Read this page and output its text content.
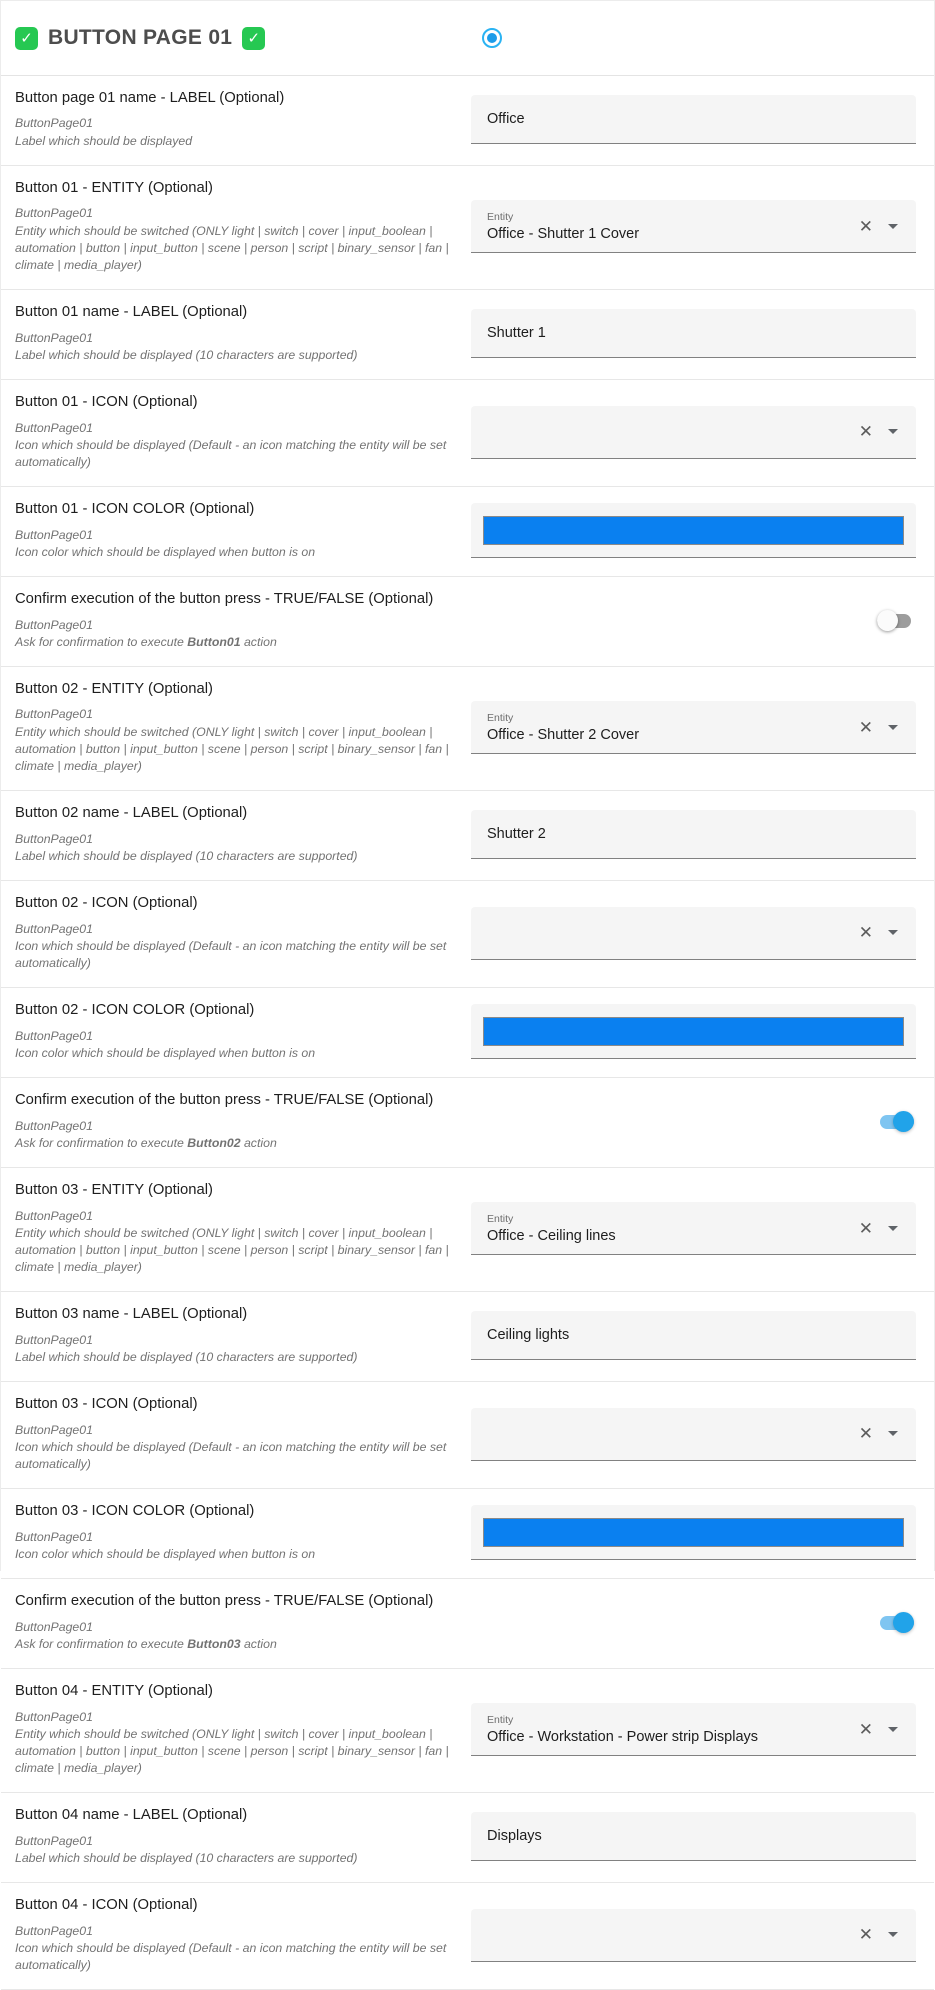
✓ BUTTON PAGE 01	✓
Button page 01 name - LABEL (Optional)
ButtonPage01
Label which should be displayed
Office
Button 01 - ENTITY (Optional)
ButtonPage01
Entity which should be switched (ONLY light | switch | cover | input_boolean | automation | button | input_button | scene | person | script | binary_sensor | fan | climate | media_player)
Entity
Office - Shutter 1 Cover	✕
Button 01 name - LABEL (Optional)
ButtonPage01
Label which should be displayed (10 characters are supported)
Shutter 1
Button 01 - ICON (Optional)
ButtonPage01
Icon which should be displayed (Default - an icon matching the entity will be set automatically)
✕
Button 01 - ICON COLOR (Optional)
ButtonPage01
Icon color which should be displayed when button is on
Confirm execution of the button press - TRUE/FALSE (Optional)
ButtonPage01
Ask for confirmation to execute Button01 action
Button 02 - ENTITY (Optional)
ButtonPage01
Entity which should be switched (ONLY light | switch | cover | input_boolean | automation | button | input_button | scene | person | script | binary_sensor | fan | climate | media_player)
Entity
Office - Shutter 2 Cover	✕
Button 02 name - LABEL (Optional)
ButtonPage01
Label which should be displayed (10 characters are supported)
Shutter 2
Button 02 - ICON (Optional)
ButtonPage01
Icon which should be displayed (Default - an icon matching the entity will be set automatically)
✕
Button 02 - ICON COLOR (Optional)
ButtonPage01
Icon color which should be displayed when button is on
Confirm execution of the button press - TRUE/FALSE (Optional)
ButtonPage01
Ask for confirmation to execute Button02 action
Button 03 - ENTITY (Optional)
ButtonPage01
Entity which should be switched (ONLY light | switch | cover | input_boolean | automation | button | input_button | scene | person | script | binary_sensor | fan | climate | media_player)
Entity
Office - Ceiling lines	✕
Button 03 name - LABEL (Optional)
ButtonPage01
Label which should be displayed (10 characters are supported)
Ceiling lights
Button 03 - ICON (Optional)
ButtonPage01
Icon which should be displayed (Default - an icon matching the entity will be set automatically)
✕
Button 03 - ICON COLOR (Optional)
ButtonPage01
Icon color which should be displayed when button is on
Confirm execution of the button press - TRUE/FALSE (Optional)
ButtonPage01
Ask for confirmation to execute Button03 action
Button 04 - ENTITY (Optional)
ButtonPage01
Entity which should be switched (ONLY light | switch | cover | input_boolean | automation | button | input_button | scene | person | script | binary_sensor | fan | climate | media_player)
Entity
Office - Workstation - Power strip Displays	✕
Button 04 name - LABEL (Optional)
ButtonPage01
Label which should be displayed (10 characters are supported)
Displays
Button 04 - ICON (Optional)
ButtonPage01
Icon which should be displayed (Default - an icon matching the entity will be set automatically)
✕
